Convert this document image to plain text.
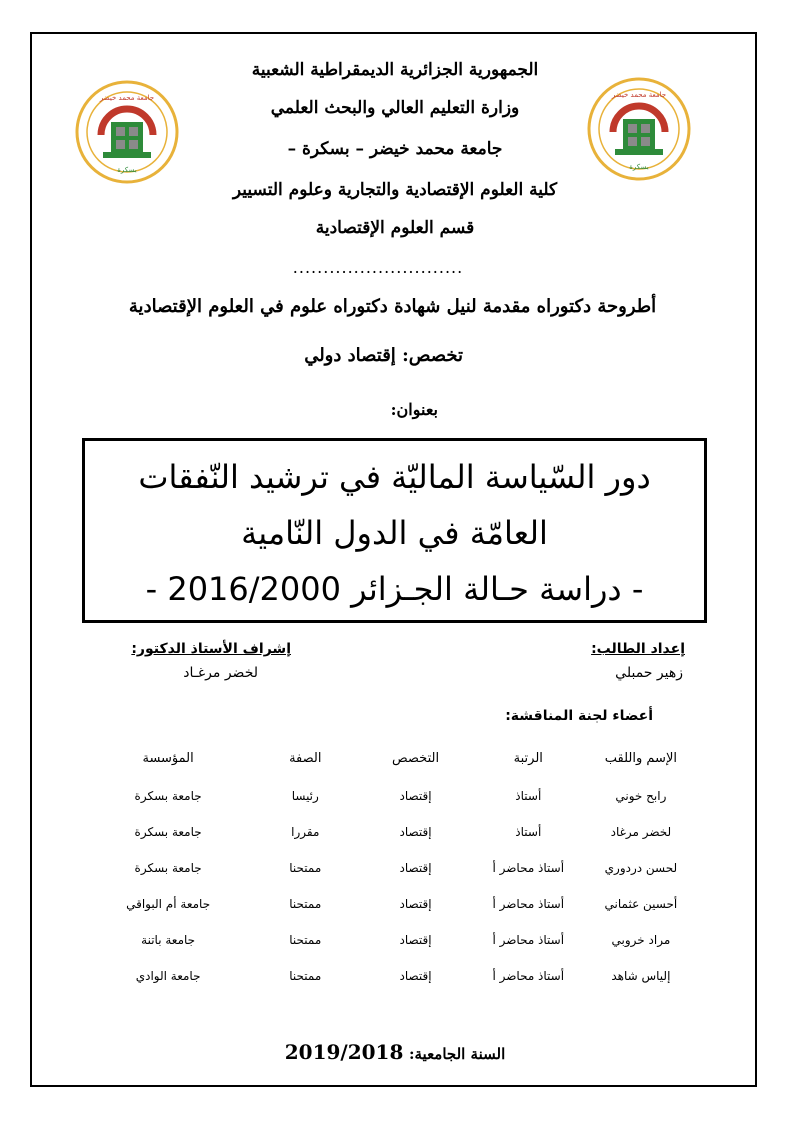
جامعة محمد خيضر
بسكرة
جامعة محمد خيضر
بسكرة
الجمهورية الجزائرية الديمقراطية الشعبية
وزارة التعليم العالي والبحث العلمي
جامعة محمد خيضر – بسكرة –
كلية العلوم الإقتصادية والتجارية وعلوم التسيير
قسم العلوم الإقتصادية
............................
أطروحة دكتوراه مقدمة لنيل شهادة دكتوراه علوم في العلوم الإقتصادية
تخصص: إقتصاد دولي
بعنوان:
دور السّياسة الماليّة في ترشيد النّفقات
العامّة في الدول النّامية
- دراسة حـالة الجـزائر 2016/2000 -
إعداد الطالب:
زهير حمبلي
إشراف الأستاذ الدكتور:
لخضر مرغـاد
أعضاء لجنة المناقشة:
الإسم واللقب	الرتبة	التخصص	الصفة	المؤسسة
رابح خوني	أستاذ	إقتصاد	رئيسا	جامعة بسكرة
لخضر مرغاد	أستاذ	إقتصاد	مقررا	جامعة بسكرة
لحسن دردوري	أستاذ محاضر أ	إقتصاد	ممتحنا	جامعة بسكرة
أحسين عثماني	أستاذ محاضر أ	إقتصاد	ممتحنا	جامعة أم البواقي
مراد خروبي	أستاذ محاضر أ	إقتصاد	ممتحنا	جامعة باتنة
إلياس شاهد	أستاذ محاضر أ	إقتصاد	ممتحنا	جامعة الوادي
السنة الجامعية: 2019/2018
